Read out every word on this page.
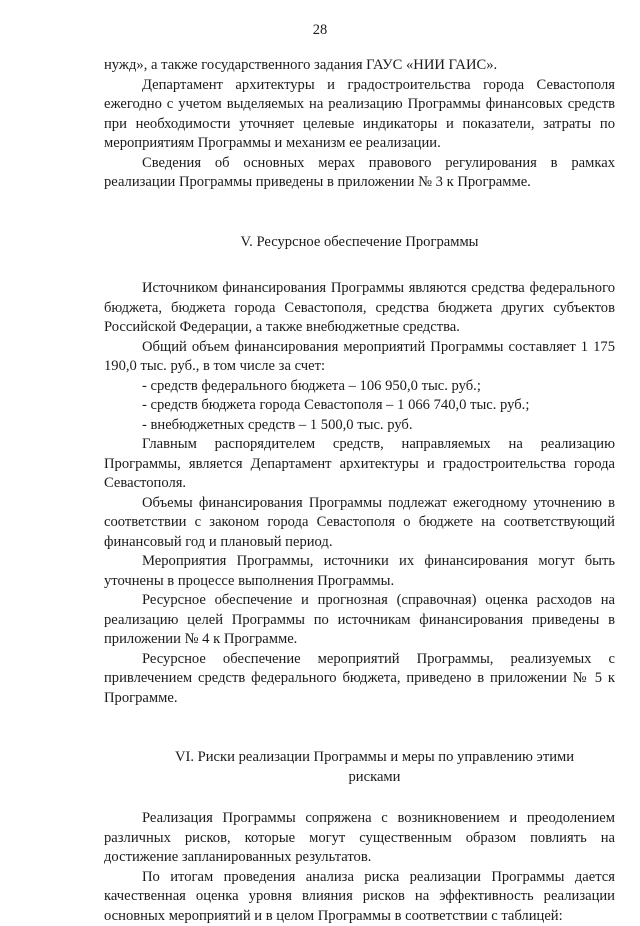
28

нужд», а также государственного задания ГАУС «НИИ ГАИС».

Департамент архитектуры и градостроительства города Севастополя ежегодно с учетом выделяемых на реализацию Программы финансовых средств при необходимости уточняет целевые индикаторы и показатели, затраты по мероприятиям Программы и механизм ее реализации.

Сведения об основных мерах правового регулирования в рамках реализации Программы приведены в приложении № 3 к Программе.

V. Ресурсное обеспечение Программы

Источником финансирования Программы являются средства федерального бюджета, бюджета города Севастополя, средства бюджета других субъектов Российской Федерации, а также внебюджетные средства.

Общий объем финансирования мероприятий Программы составляет 1 175 190,0 тыс. руб., в том числе за счет:

- средств федерального бюджета – 106 950,0 тыс. руб.;

- средств бюджета города Севастополя – 1 066 740,0 тыс. руб.;

- внебюджетных средств – 1 500,0 тыс. руб.

Главным распорядителем средств, направляемых на реализацию Программы, является Департамент архитектуры и градостроительства города Севастополя.

Объемы финансирования Программы подлежат ежегодному уточнению в соответствии с законом города Севастополя о бюджете на соответствующий финансовый год и плановый период.

Мероприятия Программы, источники их финансирования могут быть уточнены в процессе выполнения Программы.

Ресурсное обеспечение и прогнозная (справочная) оценка расходов на реализацию целей Программы по источникам финансирования приведены в приложении № 4 к Программе.

Ресурсное обеспечение мероприятий Программы, реализуемых с привлечением средств федерального бюджета, приведено в приложении № 5 к Программе.

VI. Риски реализации Программы и меры по управлению этими
рисками

Реализация Программы сопряжена с возникновением и преодолением различных рисков, которые могут существенным образом повлиять на достижение запланированных результатов.

По итогам проведения анализа риска реализации Программы дается качественная оценка уровня влияния рисков на эффективность реализации основных мероприятий и в целом Программы в соответствии с таблицей:
